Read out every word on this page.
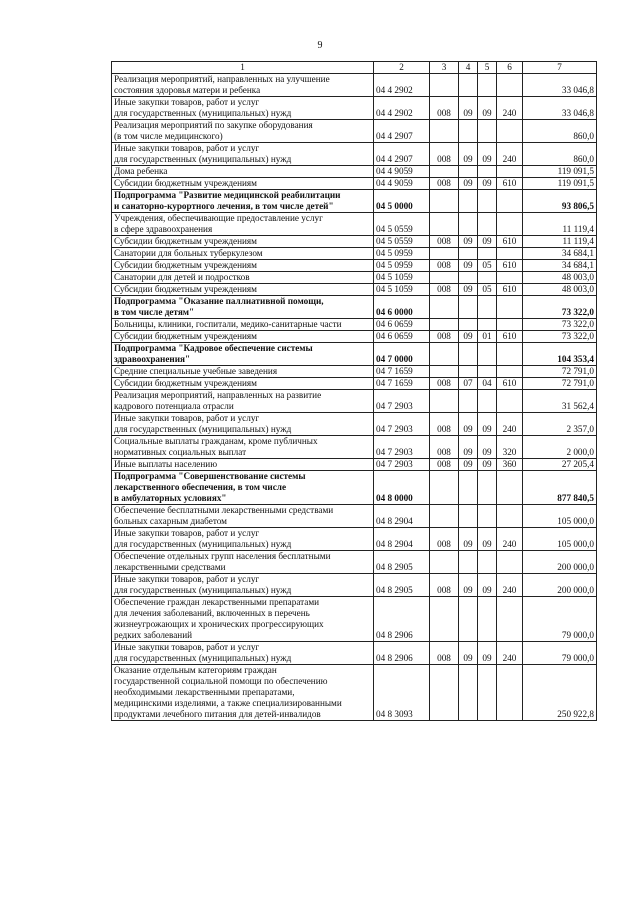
9
1	2	3	4	5	6	7

Реализация мероприятий, направленных на улучшение
состояния здоровья матери и ребенка	04 4 2902					33 046,8

Иные закупки товаров, работ и услуг
для государственных (муниципальных) нужд	04 4 2902	008	09	09	240	33 046,8

Реализация мероприятий по закупке оборудования
(в том числе медицинского)	04 4 2907					860,0

Иные закупки товаров, работ и услуг
для государственных (муниципальных) нужд	04 4 2907	008	09	09	240	860,0

Дома ребенка	04 4 9059					119 091,5

Субсидии бюджетным учреждениям	04 4 9059	008	09	09	610	119 091,5

Подпрограмма "Развитие медицинской реабилитации
и санаторно-курортного лечения, в том числе детей"	04 5 0000					93 806,5

Учреждения, обеспечивающие предоставление услуг
в сфере здравоохранения	04 5 0559					11 119,4

Субсидии бюджетным учреждениям	04 5 0559	008	09	09	610	11 119,4

Санатории для больных туберкулезом	04 5 0959					34 684,1

Субсидии бюджетным учреждениям	04 5 0959	008	09	05	610	34 684,1

Санатории для детей и подростков	04 5 1059					48 003,0

Субсидии бюджетным учреждениям	04 5 1059	008	09	05	610	48 003,0

Подпрограмма "Оказание паллиативной помощи,
в том числе детям"	04 6 0000					73 322,0

Больницы, клиники, госпитали, медико-санитарные части	04 6 0659					73 322,0

Субсидии бюджетным учреждениям	04 6 0659	008	09	01	610	73 322,0

Подпрограмма "Кадровое обеспечение системы
здравоохранения"	04 7 0000					104 353,4

Средние специальные учебные заведения	04 7 1659					72 791,0

Субсидии бюджетным учреждениям	04 7 1659	008	07	04	610	72 791,0

Реализация мероприятий, направленных на развитие
кадрового потенциала отрасли	04 7 2903					31 562,4

Иные закупки товаров, работ и услуг
для государственных (муниципальных) нужд	04 7 2903	008	09	09	240	2 357,0

Социальные выплаты гражданам, кроме публичных
нормативных социальных выплат	04 7 2903	008	09	09	320	2 000,0

Иные выплаты населению	04 7 2903	008	09	09	360	27 205,4

Подпрограмма "Совершенствование системы
лекарственного обеспечения, в том числе
в амбулаторных условиях"	04 8 0000					877 840,5

Обеспечение бесплатными лекарственными средствами
больных сахарным диабетом	04 8 2904					105 000,0

Иные закупки товаров, работ и услуг
для государственных (муниципальных) нужд	04 8 2904	008	09	09	240	105 000,0

Обеспечение отдельных групп населения бесплатными
лекарственными средствами	04 8 2905					200 000,0

Иные закупки товаров, работ и услуг
для государственных (муниципальных) нужд	04 8 2905	008	09	09	240	200 000,0

Обеспечение граждан лекарственными препаратами
для лечения заболеваний, включенных в перечень
жизнеугрожающих и хронических прогрессирующих
редких заболеваний	04 8 2906					79 000,0

Иные закупки товаров, работ и услуг
для государственных (муниципальных) нужд	04 8 2906	008	09	09	240	79 000,0

Оказание отдельным категориям граждан
государственной социальной помощи по обеспечению
необходимыми лекарственными препаратами,
медицинскими изделиями, а также специализированными
продуктами лечебного питания для детей-инвалидов	04 8 3093					250 922,8
